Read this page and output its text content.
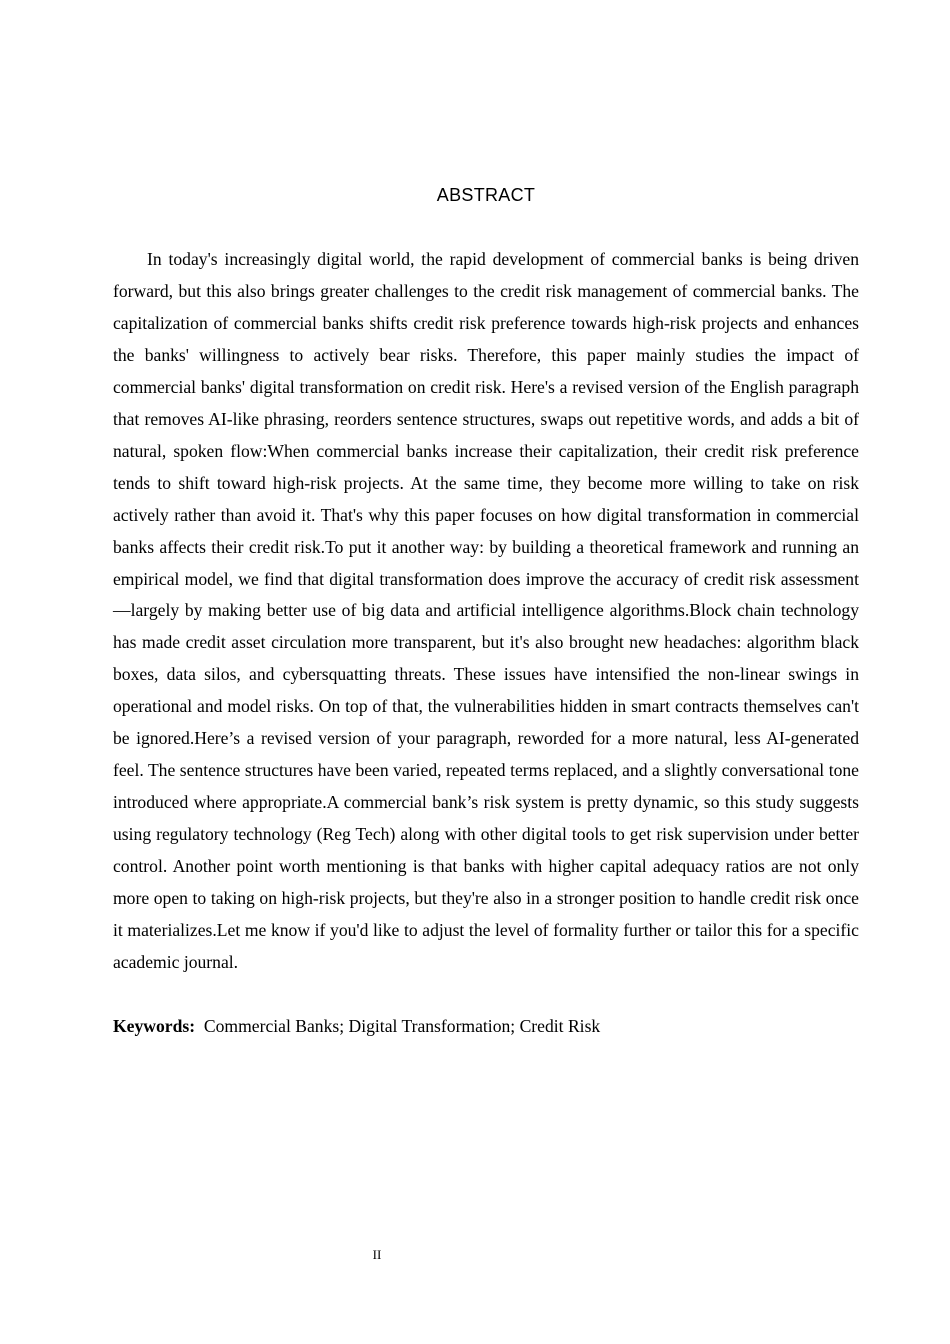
ABSTRACT

In today's increasingly digital world, the rapid development of commercial banks is being driven forward, but this also brings greater challenges to the credit risk management of commercial banks. The capitalization of commercial banks shifts credit risk preference towards high-risk projects and enhances the banks' willingness to actively bear risks. Therefore, this paper mainly studies the impact of commercial banks' digital transformation on credit risk. Here's a revised version of the English paragraph that removes AI-like phrasing, reorders sentence structures, swaps out repetitive words, and adds a bit of natural, spoken flow:When commercial banks increase their capitalization, their credit risk preference tends to shift toward high-risk projects. At the same time, they become more willing to take on risk actively rather than avoid it. That's why this paper focuses on how digital transformation in commercial banks affects their credit risk.To put it another way: by building a theoretical framework and running an empirical model, we find that digital transformation does improve the accuracy of credit risk assessment—largely by making better use of big data and artificial intelligence algorithms.Block chain technology has made credit asset circulation more transparent, but it's also brought new headaches: algorithm black boxes, data silos, and cybersquatting threats. These issues have intensified the non-linear swings in operational and model risks. On top of that, the vulnerabilities hidden in smart contracts themselves can't be ignored.Here’s a revised version of your paragraph, reworded for a more natural, less AI-generated feel. The sentence structures have been varied, repeated terms replaced, and a slightly conversational tone introduced where appropriate.A commercial bank’s risk system is pretty dynamic, so this study suggests using regulatory technology (Reg Tech) along with other digital tools to get risk supervision under better control. Another point worth mentioning is that banks with higher capital adequacy ratios are not only more open to taking on high-risk projects, but they're also in a stronger position to handle credit risk once it materializes.Let me know if you'd like to adjust the level of formality further or tailor this for a specific academic journal.

Keywords: Commercial Banks; Digital Transformation; Credit Risk

II
